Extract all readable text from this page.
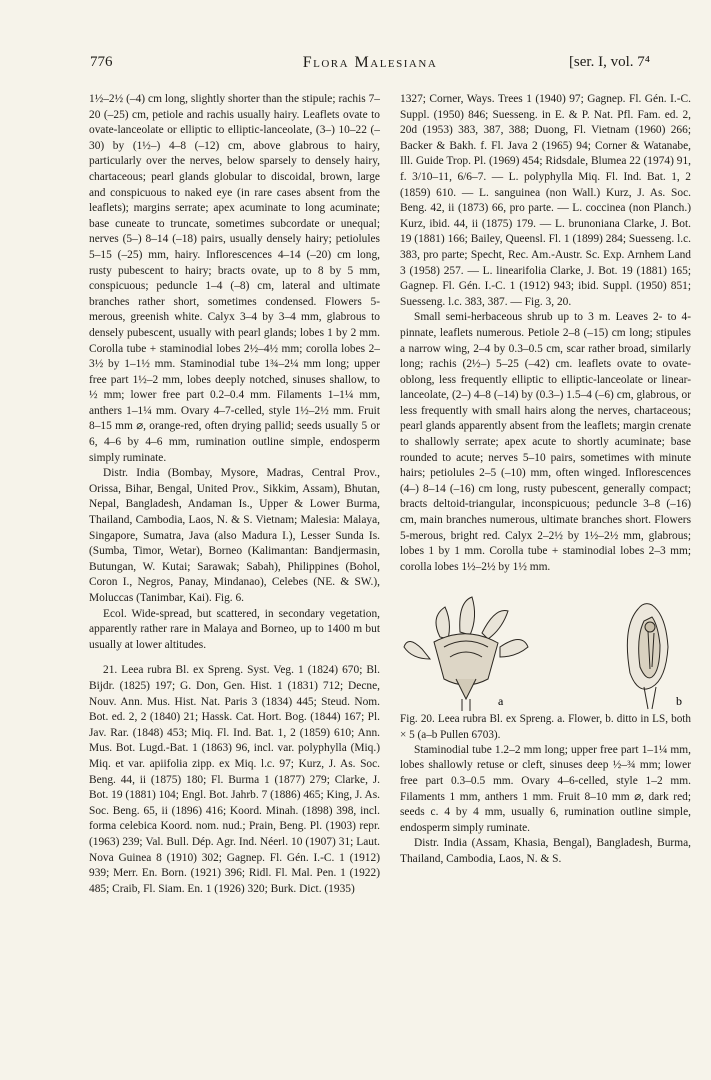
776	Flora Malesiana	[ser. I, vol. 7⁴

1½–2½ (–4) cm long, slightly shorter than the stipule; rachis 7–20 (–25) cm, petiole and rachis usually hairy. Leaflets ovate to ovate-lanceolate or elliptic to elliptic-lanceolate, (3–) 10–22 (–30) by (1½–) 4–8 (–12) cm, above glabrous to hairy, particularly over the nerves, below sparsely to densely hairy, chartaceous; pearl glands globular to discoidal, brown, large and conspicuous to naked eye (in rare cases absent from the leaflets); margins serrate; apex acuminate to long acuminate; base cuneate to truncate, sometimes subcordate or unequal; nerves (5–) 8–14 (–18) pairs, usually densely hairy; petiolules 5–15 (–25) mm, hairy. Inflorescences 4–14 (–20) cm long, rusty pubescent to hairy; bracts ovate, up to 8 by 5 mm, conspicuous; peduncle 1–4 (–8) cm, lateral and ultimate branches rather short, sometimes condensed. Flowers 5-merous, greenish white. Calyx 3–4 by 3–4 mm, glabrous to densely pubescent, usually with pearl glands; lobes 1 by 2 mm. Corolla tube + staminodial lobes 2½–4½ mm; corolla lobes 2–3½ by 1–1½ mm. Staminodial tube 1¾–2¼ mm long; upper free part 1½–2 mm, lobes deeply notched, sinuses shallow, to ½ mm; lower free part 0.2–0.4 mm. Filaments 1–1¼ mm, anthers 1–1¼ mm. Ovary 4–7-celled, style 1½–2½ mm. Fruit 8–15 mm ⌀, orange-red, often drying pallid; seeds usually 5 or 6, 4–6 by 4–6 mm, rumination outline simple, endosperm simply ruminate.

Distr. India (Bombay, Mysore, Madras, Central Prov., Orissa, Bihar, Bengal, United Prov., Sikkim, Assam), Bhutan, Nepal, Bangladesh, Andaman Is., Upper & Lower Burma, Thailand, Cambodia, Laos, N. & S. Vietnam; Malesia: Malaya, Singapore, Sumatra, Java (also Madura I.), Lesser Sunda Is. (Sumba, Timor, Wetar), Borneo (Kalimantan: Bandjermasin, Butungan, W. Kutai; Sarawak; Sabah), Philippines (Bohol, Coron I., Negros, Panay, Mindanao), Celebes (NE. & SW.), Moluccas (Tanimbar, Kai). Fig. 6.

Ecol. Wide-spread, but scattered, in secondary vegetation, apparently rather rare in Malaya and Borneo, up to 1400 m but usually at lower altitudes.

21. Leea rubra Bl. ex Spreng. Syst. Veg. 1 (1824) 670; Bl. Bijdr. (1825) 197; G. Don, Gen. Hist. 1 (1831) 712; Decne, Nouv. Ann. Mus. Hist. Nat. Paris 3 (1834) 445; Steud. Nom. Bot. ed. 2, 2 (1840) 21; Hassk. Cat. Hort. Bog. (1844) 167; Pl. Jav. Rar. (1848) 453; Miq. Fl. Ind. Bat. 1, 2 (1859) 610; Ann. Mus. Bot. Lugd.-Bat. 1 (1863) 96, incl. var. polyphylla (Miq.) Miq. et var. apiifolia zipp. ex Miq. l.c. 97; Kurz, J. As. Soc. Beng. 44, ii (1875) 180; Fl. Burma 1 (1877) 279; Clarke, J. Bot. 19 (1881) 104; Engl. Bot. Jahrb. 7 (1886) 465; King, J. As. Soc. Beng. 65, ii (1896) 416; Koord. Minah. (1898) 398, incl. forma celebica Koord. nom. nud.; Prain, Beng. Pl. (1903) repr. (1963) 239; Val. Bull. Dép. Agr. Ind. Néerl. 10 (1907) 31; Laut. Nova Guinea 8 (1910) 302; Gagnep. Fl. Gén. I.-C. 1 (1912) 939; Merr. En. Born. (1921) 396; Ridl. Fl. Mal. Pen. 1 (1922) 485; Craib, Fl. Siam. En. 1 (1926) 320; Burk. Dict. (1935)

1327; Corner, Ways. Trees 1 (1940) 97; Gagnep. Fl. Gén. I.-C. Suppl. (1950) 846; Suesseng. in E. & P. Nat. Pfl. Fam. ed. 2, 20d (1953) 383, 387, 388; Duong, Fl. Vietnam (1960) 266; Backer & Bakh. f. Fl. Java 2 (1965) 94; Corner & Watanabe, Ill. Guide Trop. Pl. (1969) 454; Ridsdale, Blumea 22 (1974) 91, f. 3/10–11, 6/6–7. — L. polyphylla Miq. Fl. Ind. Bat. 1, 2 (1859) 610. — L. sanguinea (non Wall.) Kurz, J. As. Soc. Beng. 42, ii (1873) 66, pro parte. — L. coccinea (non Planch.) Kurz, ibid. 44, ii (1875) 179. — L. brunoniana Clarke, J. Bot. 19 (1881) 166; Bailey, Queensl. Fl. 1 (1899) 284; Suesseng. l.c. 383, pro parte; Specht, Rec. Am.-Austr. Sc. Exp. Arnhem Land 3 (1958) 257. — L. linearifolia Clarke, J. Bot. 19 (1881) 165; Gagnep. Fl. Gén. I.-C. 1 (1912) 943; ibid. Suppl. (1950) 851; Suesseng. l.c. 383, 387. — Fig. 3, 20.

Small semi-herbaceous shrub up to 3 m. Leaves 2- to 4-pinnate, leaflets numerous. Petiole 2–8 (–15) cm long; stipules a narrow wing, 2–4 by 0.3–0.5 cm, scar rather broad, similarly long; rachis (2½–) 5–25 (–42) cm. leaflets ovate to ovate-oblong, less frequently elliptic to elliptic-lanceolate or linear-lanceolate, (2–) 4–8 (–14) by (0.3–) 1.5–4 (–6) cm, glabrous, or less frequently with small hairs along the nerves, chartaceous; pearl glands apparently absent from the leaflets; margin crenate to shallowly serrate; apex acute to shortly acuminate; base rounded to acute; nerves 5–10 pairs, sometimes with minute hairs; petiolules 2–5 (–10) mm, often winged. Inflorescences (4–) 8–14 (–16) cm long, rusty pubescent, generally compact; bracts deltoid-triangular, inconspicuous; peduncle 3–8 (–16) cm, main branches numerous, ultimate branches short. Flowers 5-merous, bright red. Calyx 2–2½ by 1½–2½ mm, glabrous; lobes 1 by 1 mm. Corolla tube + staminodial lobes 2–3 mm; corolla lobes 1½–2½ by 1½ mm.

a	b

Fig. 20. Leea rubra Bl. ex Spreng. a. Flower, b. ditto in LS, both × 5 (a–b Pullen 6703).

Staminodial tube 1.2–2 mm long; upper free part 1–1¼ mm, lobes shallowly retuse or cleft, sinuses deep ½–¾ mm; lower free part 0.3–0.5 mm. Ovary 4–6-celled, style 1–2 mm. Filaments 1 mm, anthers 1 mm. Fruit 8–10 mm ⌀, dark red; seeds c. 4 by 4 mm, usually 6, rumination outline simple, endosperm simply ruminate.

Distr. India (Assam, Khasia, Bengal), Bangladesh, Burma, Thailand, Cambodia, Laos, N. & S.
